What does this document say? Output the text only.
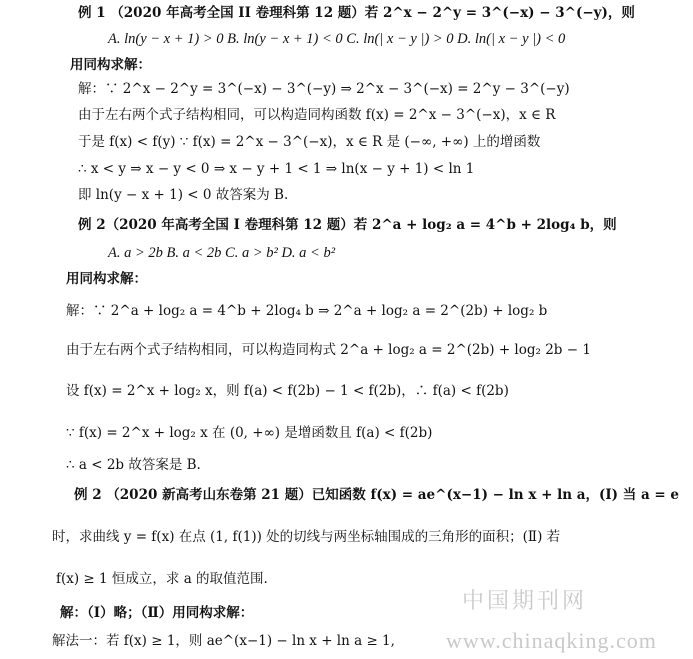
例 1 （2020 年高考全国 II 卷理科第 12 题）若 2^x − 2^y = 3^(−x) − 3^(−y)，则
A. ln(y − x + 1) > 0 B. ln(y − x + 1) < 0 C. ln(| x − y |) > 0 D. ln(| x − y |) < 0
用同构求解：
解：∵ 2^x − 2^y = 3^(−x) − 3^(−y) ⇒ 2^x − 3^(−x) = 2^y − 3^(−y)
由于左右两个式子结构相同，可以构造同构函数 f(x) = 2^x − 3^(−x)，x ∈ R
于是 f(x) < f(y) ∵ f(x) = 2^x − 3^(−x)，x ∈ R 是 (−∞, +∞) 上的增函数
∴ x < y ⇒ x − y < 0 ⇒ x − y + 1 < 1 ⇒ ln(x − y + 1) < ln 1
即 ln(y − x + 1) < 0 故答案为 B.
例 2（2020 年高考全国 I 卷理科第 12 题）若 2^a + log₂ a = 4^b + 2log₄ b，则
A. a > 2b B. a < 2b C. a > b² D. a < b²
用同构求解：
解：∵ 2^a + log₂ a = 4^b + 2log₄ b ⇒ 2^a + log₂ a = 2^(2b) + log₂ b
由于左右两个式子结构相同，可以构造同构式 2^a + log₂ a = 2^(2b) + log₂ 2b − 1
设 f(x) = 2^x + log₂ x，则 f(a) < f(2b) − 1 < f(2b)，∴ f(a) < f(2b)
∵ f(x) = 2^x + log₂ x 在 (0, +∞) 是增函数且 f(a) < f(2b)
∴ a < 2b 故答案是 B.
例 2 （2020 新高考山东卷第 21 题）已知函数 f(x) = ae^(x−1) − ln x + ln a，(Ⅰ) 当 a = e
时，求曲线 y = f(x) 在点 (1, f(1)) 处的切线与两坐标轴围成的三角形的面积；(Ⅱ) 若
f(x) ≥ 1 恒成立，求 a 的取值范围.
解：（Ⅰ）略；（Ⅱ）用同构求解：
解法一：若 f(x) ≥ 1，则 ae^(x−1) − ln x + ln a ≥ 1,
中国期刊网
www.chinaqking.com
